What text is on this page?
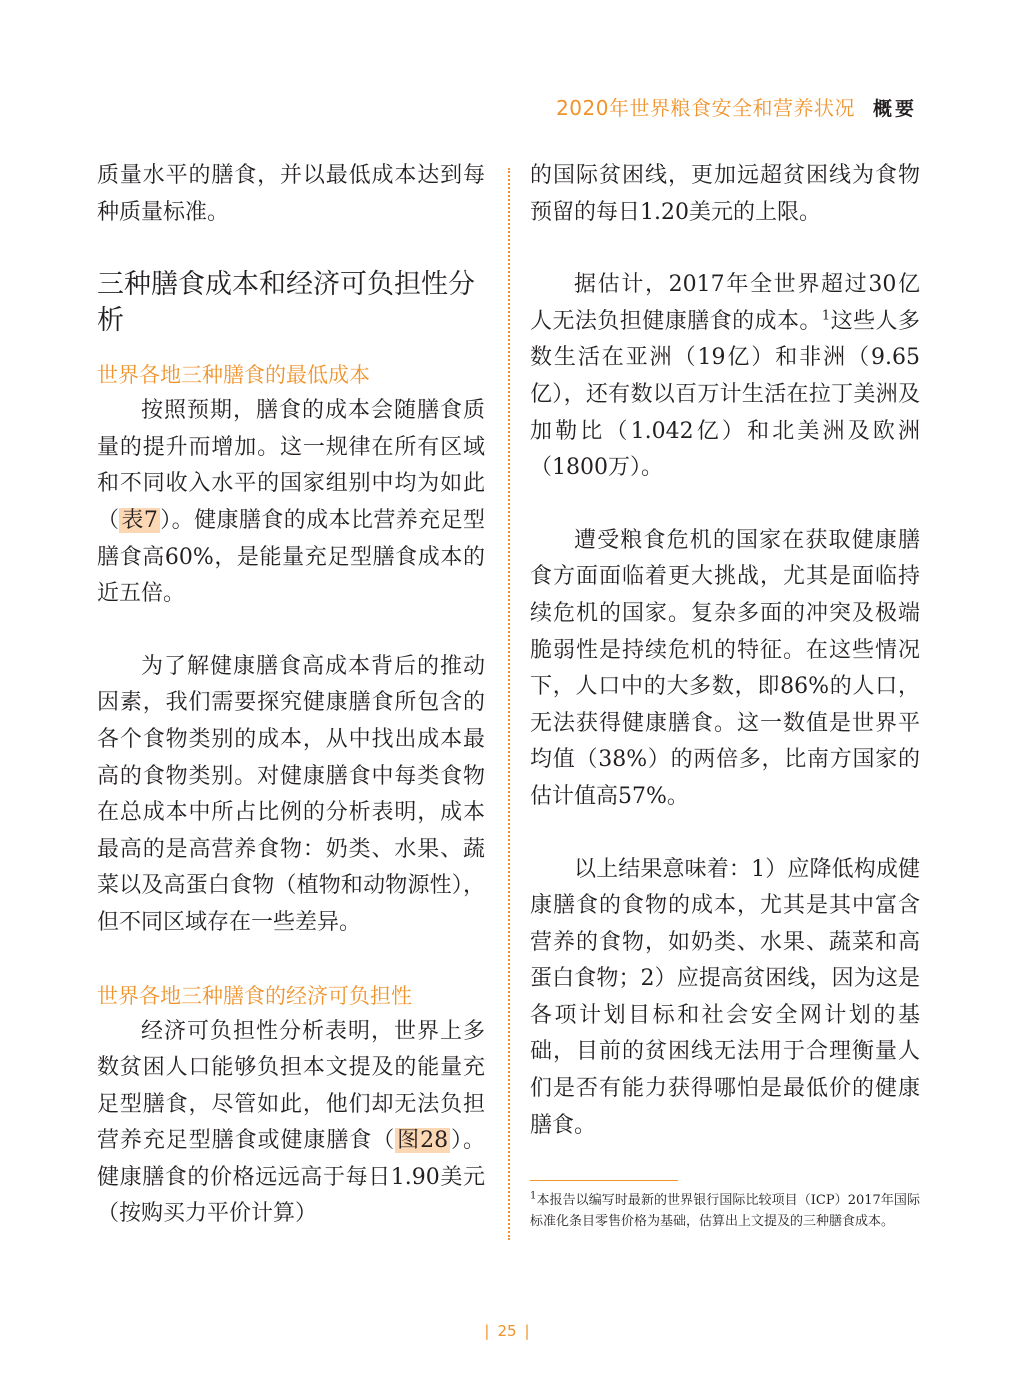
2020年世界粮食安全和营养状况 概要

质量水平的膳食，并以最低成本达到每种质量标准。

三种膳食成本和经济可负担性分析
世界各地三种膳食的最低成本

按照预期，膳食的成本会随膳食质量的提升而增加。这一规律在所有区域和不同收入水平的国家组别中均为如此（表7）。健康膳食的成本比营养充足型膳食高60%，是能量充足型膳食成本的近五倍。

为了解健康膳食高成本背后的推动因素，我们需要探究健康膳食所包含的各个食物类别的成本，从中找出成本最高的食物类别。对健康膳食中每类食物在总成本中所占比例的分析表明，成本最高的是高营养食物：奶类、水果、蔬菜以及高蛋白食物（植物和动物源性），但不同区域存在一些差异。

世界各地三种膳食的经济可负担性

经济可负担性分析表明，世界上多数贫困人口能够负担本文提及的能量充足型膳食，尽管如此，他们却无法负担营养充足型膳食或健康膳食（图28）。健康膳食的价格远远高于每日1.90美元（按购买力平价计算）

的国际贫困线，更加远超贫困线为食物预留的每日1.20美元的上限。

据估计，2017年全世界超过30亿人无法负担健康膳食的成本。$^1$这些人多数生活在亚洲（19亿）和非洲（9.65亿），还有数以百万计生活在拉丁美洲及加勒比（1.042亿）和北美洲及欧洲（1800万）。

遭受粮食危机的国家在获取健康膳食方面面临着更大挑战，尤其是面临持续危机的国家。复杂多面的冲突及极端脆弱性是持续危机的特征。在这些情况下，人口中的大多数，即86%的人口，无法获得健康膳食。这一数值是世界平均值（38%）的两倍多，比南方国家的估计值高57%。

以上结果意味着：1）应降低构成健康膳食的食物的成本，尤其是其中富含营养的食物，如奶类、水果、蔬菜和高蛋白食物；2）应提高贫困线，因为这是各项计划目标和社会安全网计划的基础，目前的贫困线无法用于合理衡量人们是否有能力获得哪怕是最低价的健康膳食。

$^1$本报告以编写时最新的世界银行国际比较项目（ICP）2017年国际标准化条目零售价格为基础，估算出上文提及的三种膳食成本。

| 25 |
